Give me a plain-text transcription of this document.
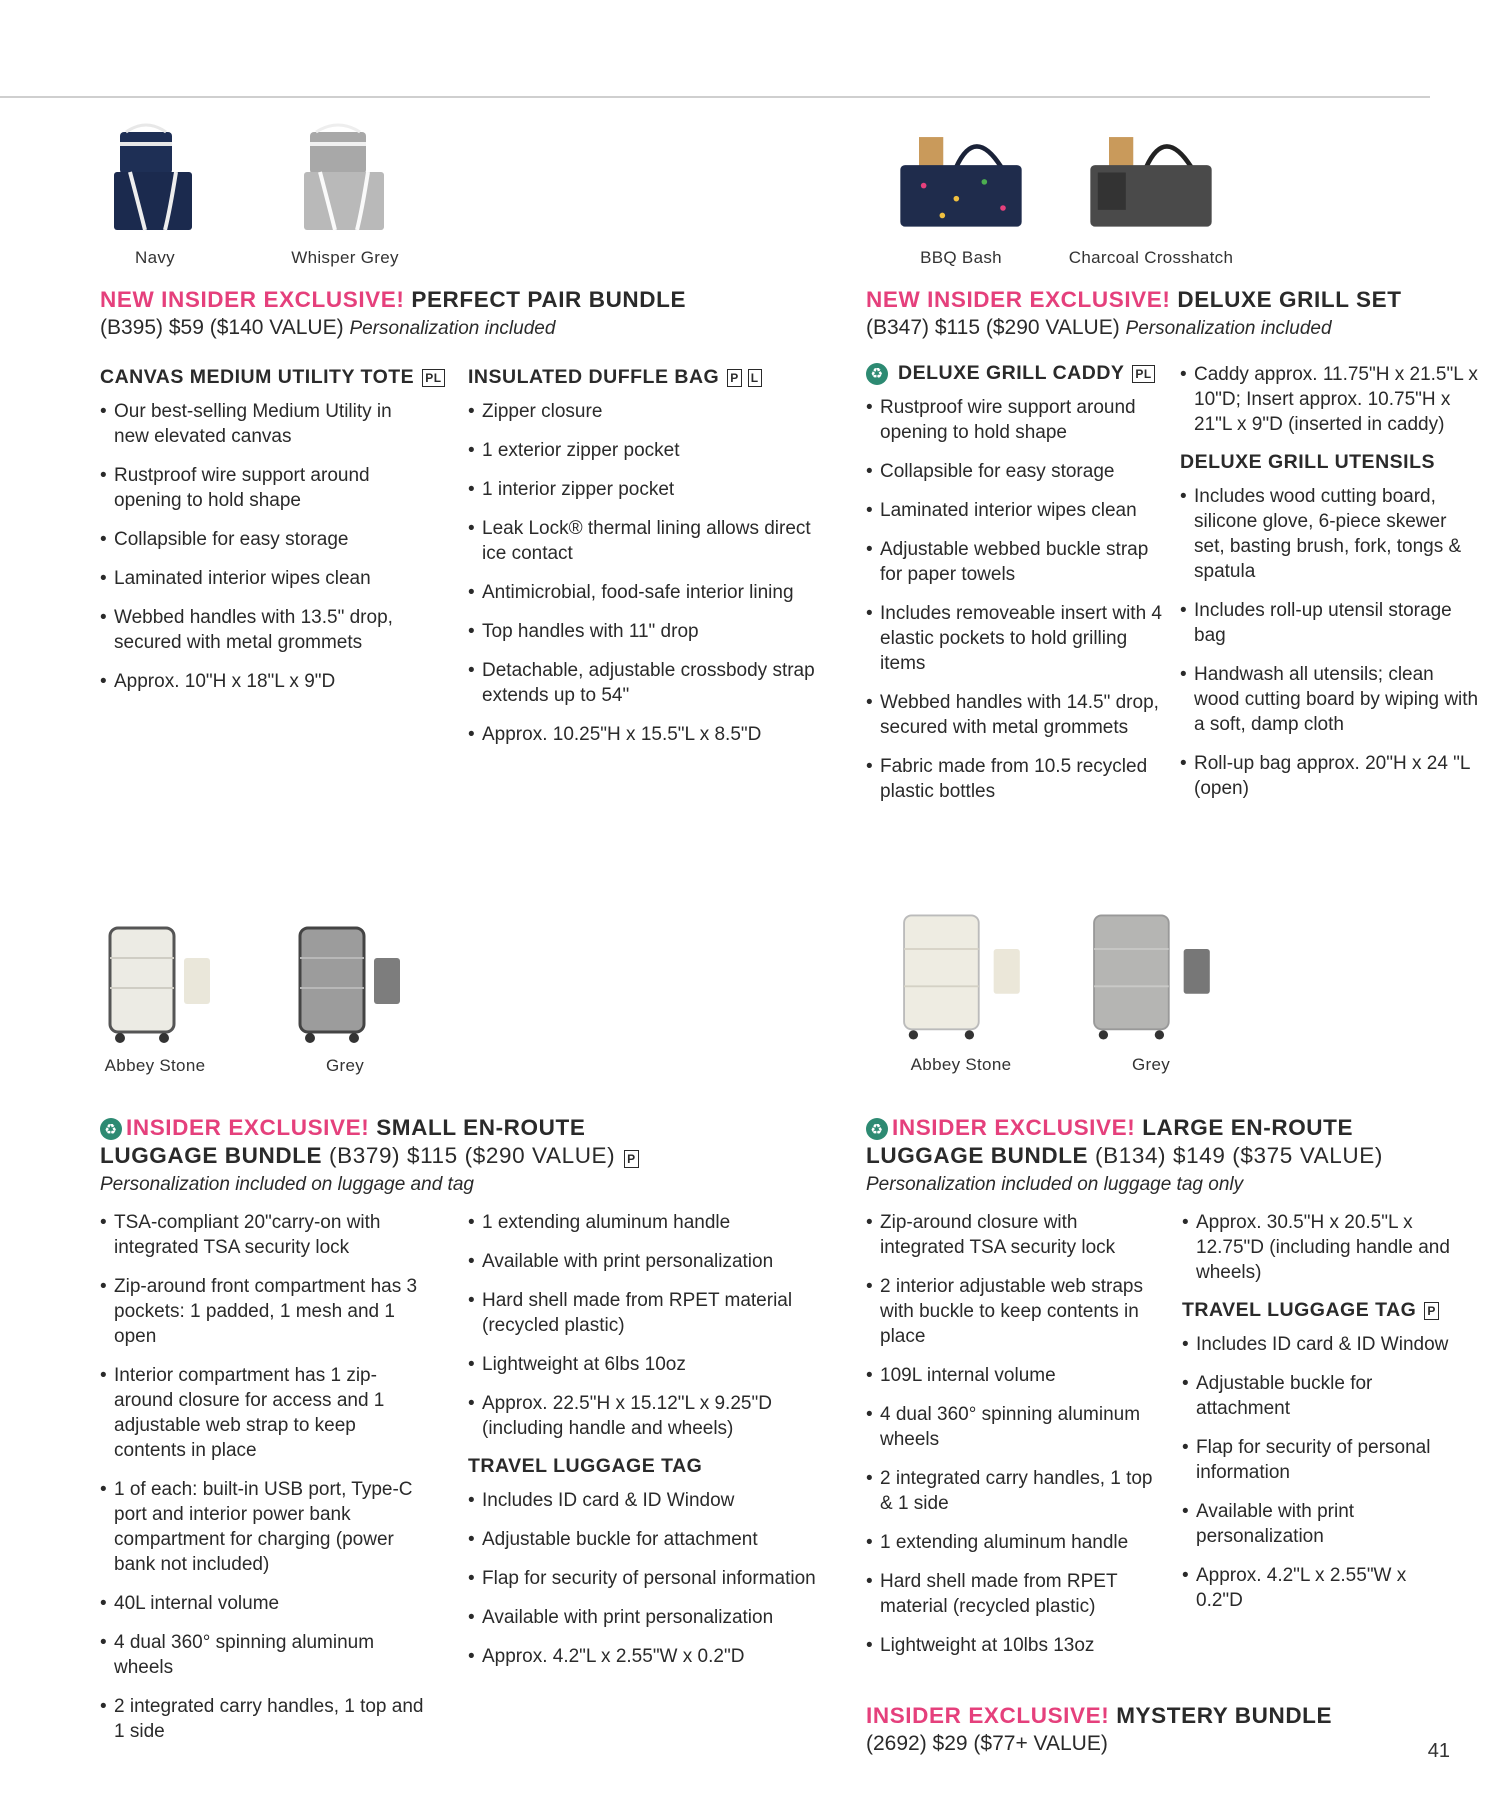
Navy	Whisper Grey
NEW INSIDER EXCLUSIVE! PERFECT PAIR BUNDLE
(B395) $59 ($140 VALUE) Personalization included
CANVAS MEDIUM UTILITY TOTE PL
• Our best-selling Medium Utility in new elevated canvas
• Rustproof wire support around opening to hold shape
• Collapsible for easy storage
• Laminated interior wipes clean
• Webbed handles with 13.5" drop, secured with metal grommets
• Approx. 10"H x 18"L x 9"D
INSULATED DUFFLE BAG P L
• Zipper closure
• 1 exterior zipper pocket
• 1 interior zipper pocket
• Leak Lock® thermal lining allows direct ice contact
• Antimicrobial, food-safe interior lining
• Top handles with 11" drop
• Detachable, adjustable crossbody strap extends up to 54"
• Approx. 10.25"H x 15.5"L x 8.5"D
BBQ Bash	Charcoal Crosshatch
NEW INSIDER EXCLUSIVE! DELUXE GRILL SET
(B347) $115 ($290 VALUE) Personalization included
♻ DELUXE GRILL CADDY PL
• Rustproof wire support around opening to hold shape
• Collapsible for easy storage
• Laminated interior wipes clean
• Adjustable webbed buckle strap for paper towels
• Includes removeable insert with 4 elastic pockets to hold grilling items
• Webbed handles with 14.5" drop, secured with metal grommets
• Fabric made from 10.5 recycled plastic bottles
• Caddy approx. 11.75"H x 21.5"L x 10"D; Insert approx. 10.75"H x 21"L x 9"D (inserted in caddy)
DELUXE GRILL UTENSILS
• Includes wood cutting board, silicone glove, 6-piece skewer set, basting brush, fork, tongs & spatula
• Includes roll-up utensil storage bag
• Handwash all utensils; clean wood cutting board by wiping with a soft, damp cloth
• Roll-up bag approx. 20"H x 24 "L (open)
Abbey Stone	Grey
♻ INSIDER EXCLUSIVE! SMALL EN-ROUTE
LUGGAGE BUNDLE (B379) $115 ($290 VALUE) P
Personalization included on luggage and tag
• TSA-compliant 20"carry-on with integrated TSA security lock
• Zip-around front compartment has 3 pockets: 1 padded, 1 mesh and 1 open
• Interior compartment has 1 zip-around closure for access and 1 adjustable web strap to keep contents in place
• 1 of each: built-in USB port, Type-C port and interior power bank compartment for charging (power bank not included)
• 40L internal volume
• 4 dual 360° spinning aluminum wheels
• 2 integrated carry handles, 1 top and 1 side
• 1 extending aluminum handle
• Available with print personalization
• Hard shell made from RPET material (recycled plastic)
• Lightweight at 6lbs 10oz
• Approx. 22.5"H x 15.12"L x 9.25"D (including handle and wheels)
TRAVEL LUGGAGE TAG
• Includes ID card & ID Window
• Adjustable buckle for attachment
• Flap for security of personal information
• Available with print personalization
• Approx. 4.2"L x 2.55"W x 0.2"D
Abbey Stone	Grey
♻ INSIDER EXCLUSIVE! LARGE EN-ROUTE
LUGGAGE BUNDLE (B134) $149 ($375 VALUE)
Personalization included on luggage tag only
• Zip-around closure with integrated TSA security lock
• 2 interior adjustable web straps with buckle to keep contents in place
• 109L internal volume
• 4 dual 360° spinning aluminum wheels
• 2 integrated carry handles, 1 top & 1 side
• 1 extending aluminum handle
• Hard shell made from RPET material (recycled plastic)
• Lightweight at 10lbs 13oz
• Approx. 30.5"H x 20.5"L x 12.75"D (including handle and wheels)
TRAVEL LUGGAGE TAG P
• Includes ID card & ID Window
• Adjustable buckle for attachment
• Flap for security of personal information
• Available with print personalization
• Approx. 4.2"L x 2.55"W x 0.2"D
INSIDER EXCLUSIVE! MYSTERY BUNDLE
(2692) $29 ($77+ VALUE)	41
